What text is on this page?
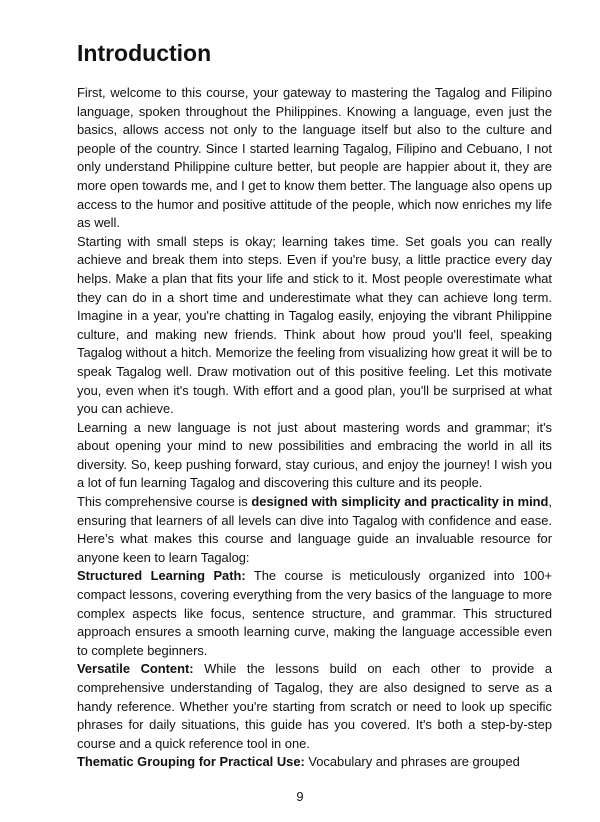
Introduction

First, welcome to this course, your gateway to mastering the Tagalog and Filipino language, spoken throughout the Philippines. Knowing a language, even just the basics, allows access not only to the language itself but also to the culture and people of the country. Since I started learning Tagalog, Filipino and Cebuano, I not only understand Philippine culture better, but people are happier about it, they are more open towards me, and I get to know them better. The language also opens up access to the humor and positive attitude of the people, which now enriches my life as well.

Starting with small steps is okay; learning takes time. Set goals you can really achieve and break them into steps. Even if you're busy, a little practice every day helps. Make a plan that fits your life and stick to it. Most people overestimate what they can do in a short time and underestimate what they can achieve long term. Imagine in a year, you're chatting in Tagalog easily, enjoying the vibrant Philippine culture, and making new friends. Think about how proud you'll feel, speaking Tagalog without a hitch. Memorize the feeling from visualizing how great it will be to speak Tagalog well. Draw motivation out of this positive feeling. Let this motivate you, even when it's tough. With effort and a good plan, you'll be surprised at what you can achieve.

Learning a new language is not just about mastering words and grammar; it's about opening your mind to new possibilities and embracing the world in all its diversity. So, keep pushing forward, stay curious, and enjoy the journey! I wish you a lot of fun learning Tagalog and discovering this culture and its people.

This comprehensive course is designed with simplicity and practicality in mind, ensuring that learners of all levels can dive into Tagalog with confidence and ease. Here’s what makes this course and language guide an invaluable resource for anyone keen to learn Tagalog:

Structured Learning Path: The course is meticulously organized into 100+ compact lessons, covering everything from the very basics of the language to more complex aspects like focus, sentence structure, and grammar. This structured approach ensures a smooth learning curve, making the language accessible even to complete beginners.

Versatile Content: While the lessons build on each other to provide a comprehensive understanding of Tagalog, they are also designed to serve as a handy reference. Whether you're starting from scratch or need to look up specific phrases for daily situations, this guide has you covered. It's both a step-by-step course and a quick reference tool in one.

Thematic Grouping for Practical Use: Vocabulary and phrases are grouped

9
